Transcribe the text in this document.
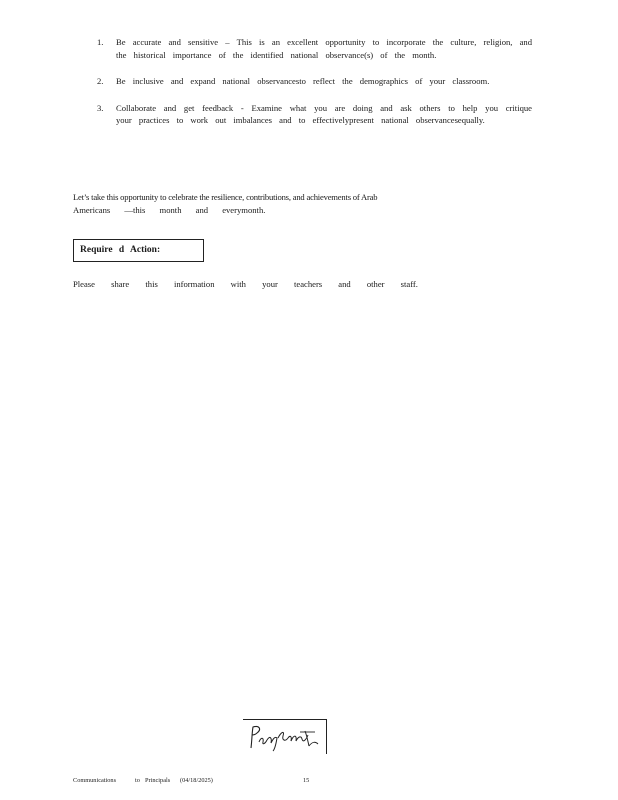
1.	Be accurate and sensitive – This is an excellent opportunity to incorporate the culture, religion, and the historical importance of the identified national observance(s) of the month.
2.	Be inclusive and expand national observancesto reflect the demographics of your classroom.
3.	Collaborate and get feedback - Examine what you are doing and ask others to help you critique your practices to work out imbalances and to effectivelypresent national observancesequally.
Let’s take this opportunity to celebrate the resilience, contributions, and achievements of Arab
Americans —this month and everymonth.
Require d Action:
Please share this information with your teachers and other staff.
Communications	to Principals (04/18/2025)	15
